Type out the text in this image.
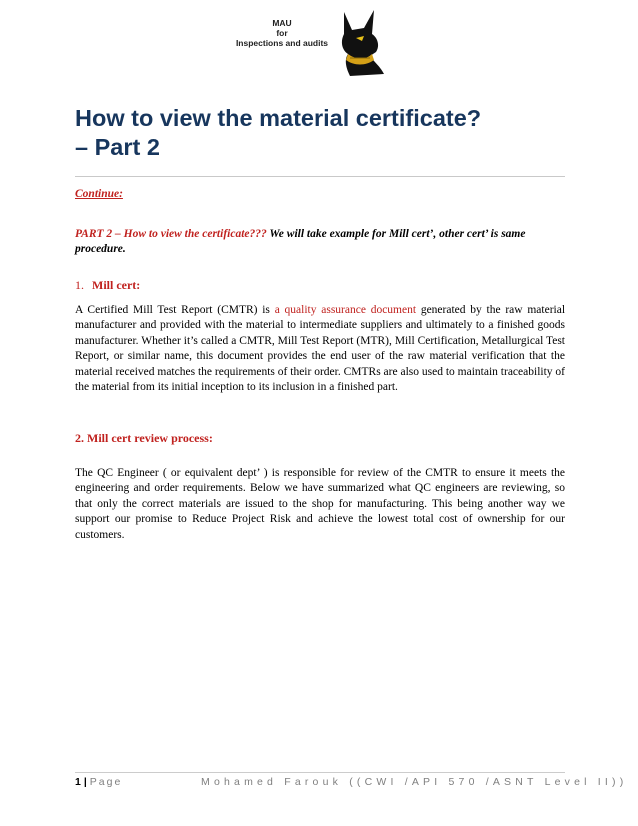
MAU
for
Inspections and audits
How to view the material certificate?
– Part 2
Continue:
PART 2 – How to view the certificate??? We will take example for Mill cert’, other cert’ is same procedure.
1. Mill cert:

A Certified Mill Test Report (CMTR) is a quality assurance document generated by the raw material manufacturer and provided with the material to intermediate suppliers and ultimately to a finished goods manufacturer. Whether it’s called a CMTR, Mill Test Report (MTR), Mill Certification, Metallurgical Test Report, or similar name, this document provides the end user of the raw material verification that the material received matches the requirements of their order. CMTRs are also used to maintain traceability of the material from its initial inception to its inclusion in a finished part.

2. Mill cert review process:

The QC Engineer ( or equivalent dept’ ) is responsible for review of the CMTR to ensure it meets the engineering and order requirements. Below we have summarized what QC engineers are reviewing, so that only the correct materials are issued to the shop for manufacturing. This being another way we support our promise to Reduce Project Risk and achieve the lowest total cost of ownership for our customers.

1 | Page	Mohamed Farouk ((CWI /API 570 /ASNT Level II))
